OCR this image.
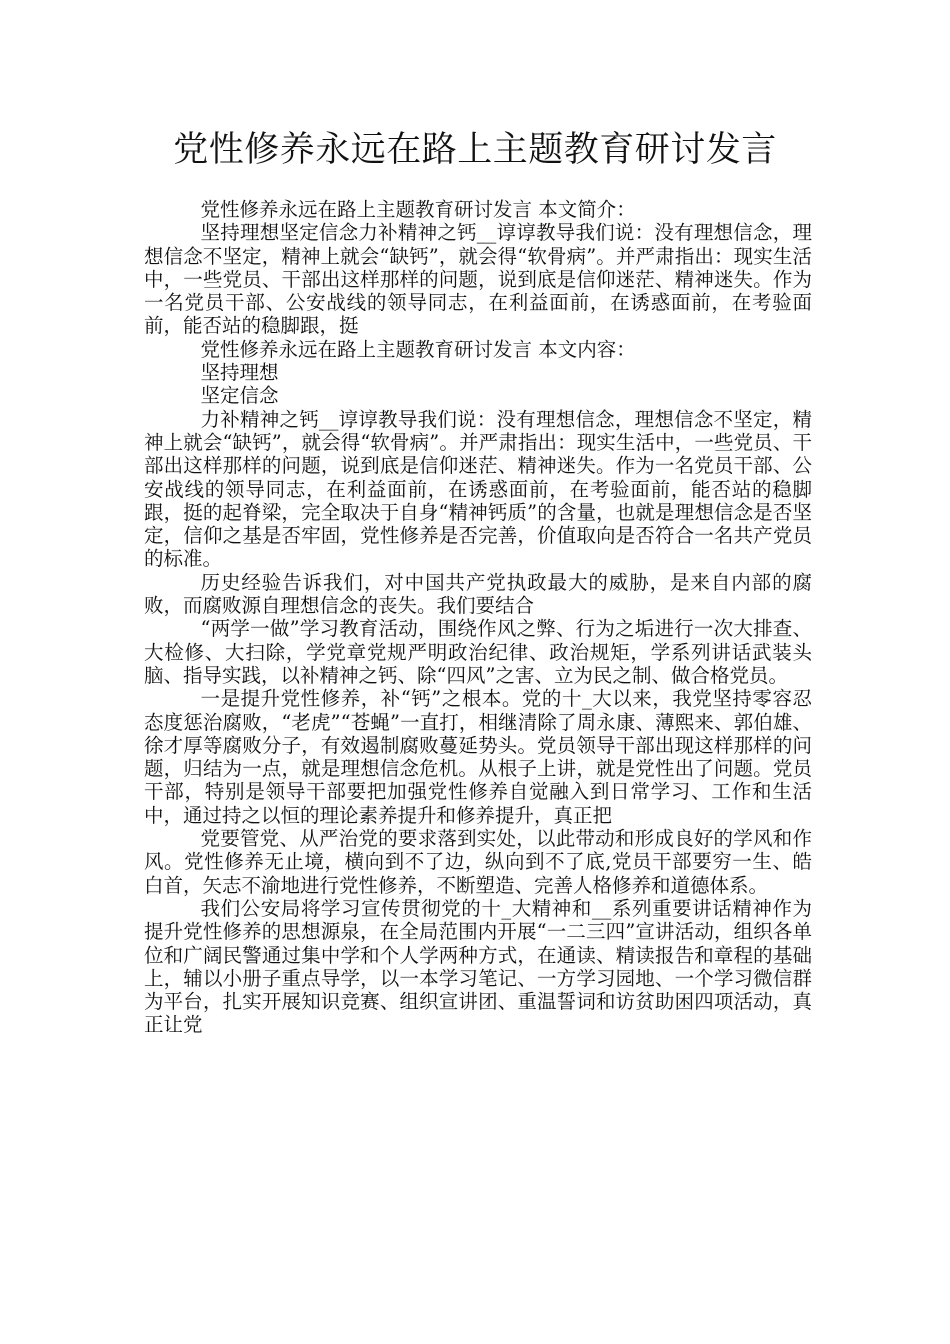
党性修养永远在路上主题教育研讨发言

党性修养永远在路上主题教育研讨发言 本文简介：

坚持理想坚定信念力补精神之钙__谆谆教导我们说：没有理想信念，理想信念不坚定，精神上就会“缺钙”，就会得“软骨病”。并严肃指出：现实生活中，一些党员、干部出这样那样的问题，说到底是信仰迷茫、精神迷失。作为一名党员干部、公安战线的领导同志，在利益面前，在诱惑面前，在考验面前，能否站的稳脚跟，挺

党性修养永远在路上主题教育研讨发言 本文内容：

坚持理想

坚定信念

力补精神之钙__谆谆教导我们说：没有理想信念，理想信念不坚定，精神上就会“缺钙”，就会得“软骨病”。并严肃指出：现实生活中，一些党员、干部出这样那样的问题，说到底是信仰迷茫、精神迷失。作为一名党员干部、公安战线的领导同志，在利益面前，在诱惑面前，在考验面前，能否站的稳脚跟，挺的起脊梁，完全取决于自身“精神钙质”的含量，也就是理想信念是否坚定，信仰之基是否牢固，党性修养是否完善，价值取向是否符合一名共产党员的标准。

历史经验告诉我们，对中国共产党执政最大的威胁，是来自内部的腐败，而腐败源自理想信念的丧失。我们要结合

“两学一做”学习教育活动，围绕作风之弊、行为之垢进行一次大排查、大检修、大扫除，学党章党规严明政治纪律、政治规矩，学系列讲话武装头脑、指导实践，以补精神之钙、除“四风”之害、立为民之制、做合格党员。

一是提升党性修养，补“钙”之根本。党的十_大以来，我党坚持零容忍态度惩治腐败，“老虎”“苍蝇”一直打，相继清除了周永康、薄熙来、郭伯雄、徐才厚等腐败分子，有效遏制腐败蔓延势头。党员领导干部出现这样那样的问题，归结为一点，就是理想信念危机。从根子上讲，就是党性出了问题。党员干部，特别是领导干部要把加强党性修养自觉融入到日常学习、工作和生活中，通过持之以恒的理论素养提升和修养提升，真正把

党要管党、从严治党的要求落到实处，以此带动和形成良好的学风和作风。党性修养无止境，横向到不了边，纵向到不了底,党员干部要穷一生、皓白首，矢志不渝地进行党性修养，不断塑造、完善人格修养和道德体系。

我们公安局将学习宣传贯彻党的十_大精神和__系列重要讲话精神作为提升党性修养的思想源泉，在全局范围内开展“一二三四”宣讲活动，组织各单位和广阔民警通过集中学和个人学两种方式，在通读、精读报告和章程的基础上，辅以小册子重点导学，以一本学习笔记、一方学习园地、一个学习微信群为平台，扎实开展知识竞赛、组织宣讲团、重温誓词和访贫助困四项活动，真正让党
